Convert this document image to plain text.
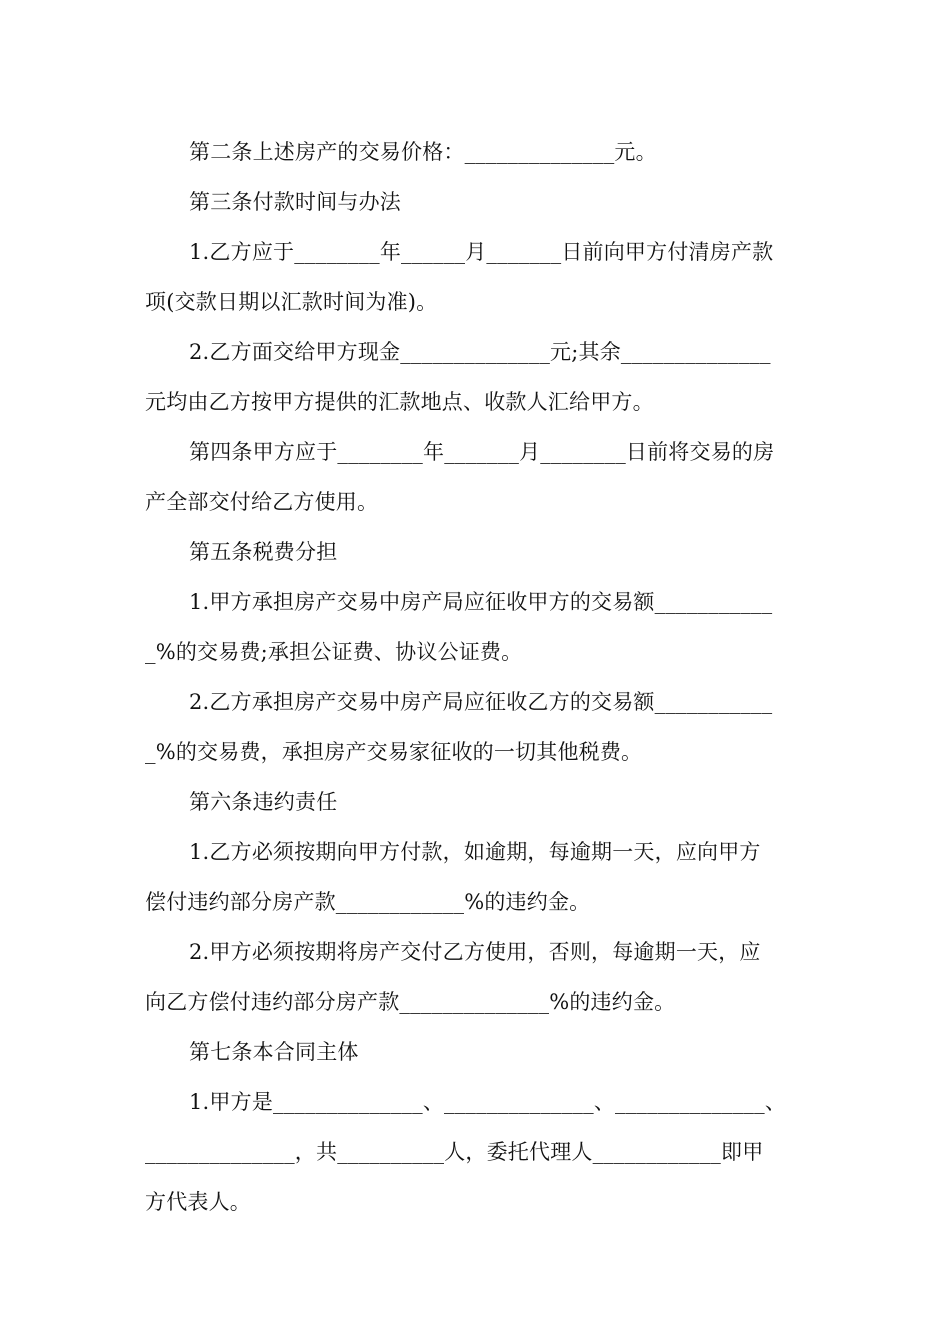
第二条上述房产的交易价格：______________元。
第三条付款时间与办法
1.乙方应于________年______月_______日前向甲方付清房产款
项(交款日期以汇款时间为准)。
2.乙方面交给甲方现金______________元;其余______________
元均由乙方按甲方提供的汇款地点、收款人汇给甲方。
第四条甲方应于________年_______月________日前将交易的房
产全部交付给乙方使用。
第五条税费分担
1.甲方承担房产交易中房产局应征收甲方的交易额___________
_%的交易费;承担公证费、协议公证费。
2.乙方承担房产交易中房产局应征收乙方的交易额___________
_%的交易费，承担房产交易家征收的一切其他税费。
第六条违约责任
1.乙方必须按期向甲方付款，如逾期，每逾期一天，应向甲方
偿付违约部分房产款____________%的违约金。
2.甲方必须按期将房产交付乙方使用，否则，每逾期一天，应
向乙方偿付违约部分房产款______________%的违约金。
第七条本合同主体
1.甲方是______________、______________、______________、
______________，共__________人，委托代理人____________即甲
方代表人。
